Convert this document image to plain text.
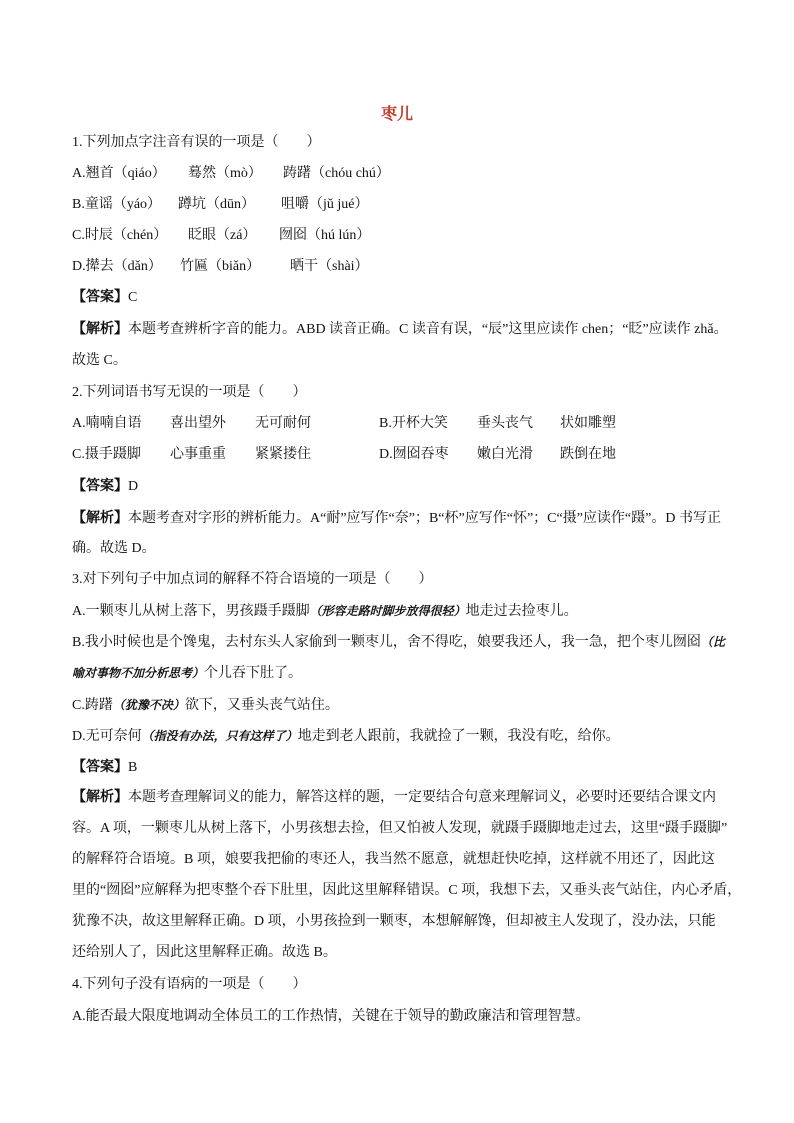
枣儿
1.下列加点字注音有误的一项是（　　）
A.翘首（qiáo） 蓦然（mò） 踌躇（chóu chú）
B.童谣（yáo） 蹲坑（dūn） 咀嚼（jǔ jué）
C.时辰（chén） 眨眼（zá） 囫囵（hú lún）
D.撵去（dǎn） 竹匾（biǎn） 晒干（shài）
【答案】C
【解析】本题考查辨析字音的能力。ABD 读音正确。C 读音有误，“辰”这里应读作 chen；“眨”应读作 zhǎ。
故选 C。
2.下列词语书写无误的一项是（　　）
A.喃喃自语 喜出望外 无可耐何	B.开杯大笑 垂头丧气 状如雕塑
C.摄手蹑脚 心事重重 紧紧搂住	D.囫囵吞枣 嫩白光滑 跌倒在地
【答案】D
【解析】本题考查对字形的辨析能力。A“耐”应写作“奈”；B“杯”应写作“怀”；C“摄”应读作“蹑”。D 书写正
确。故选 D。
3.对下列句子中加点词的解释不符合语境的一项是（　　）
A.一颗枣儿从树上落下，男孩蹑手蹑脚（形容走路时脚步放得很轻）地走过去捡枣儿。
B.我小时候也是个馋鬼，去村东头人家偷到一颗枣儿，舍不得吃，娘要我还人，我一急，把个枣儿囫囵（比
喻对事物不加分析思考）个儿吞下肚了。
C.踌躇（犹豫不决）欲下，又垂头丧气站住。
D.无可奈何（指没有办法，只有这样了）地走到老人跟前，我就捡了一颗，我没有吃，给你。
【答案】B
【解析】本题考查理解词义的能力，解答这样的题，一定要结合句意来理解词义，必要时还要结合课文内
容。A 项，一颗枣儿从树上落下，小男孩想去捡，但又怕被人发现，就蹑手蹑脚地走过去，这里“蹑手蹑脚”
的解释符合语境。B 项，娘要我把偷的枣还人，我当然不愿意，就想赶快吃掉，这样就不用还了，因此这
里的“囫囵”应解释为把枣整个吞下肚里，因此这里解释错误。C 项，我想下去，又垂头丧气站住，内心矛盾，
犹豫不决，故这里解释正确。D 项，小男孩捡到一颗枣，本想解解馋，但却被主人发现了，没办法，只能
还给别人了，因此这里解释正确。故选 B。
4.下列句子没有语病的一项是（　　）
A.能否最大限度地调动全体员工的工作热情，关键在于领导的勤政廉洁和管理智慧。
